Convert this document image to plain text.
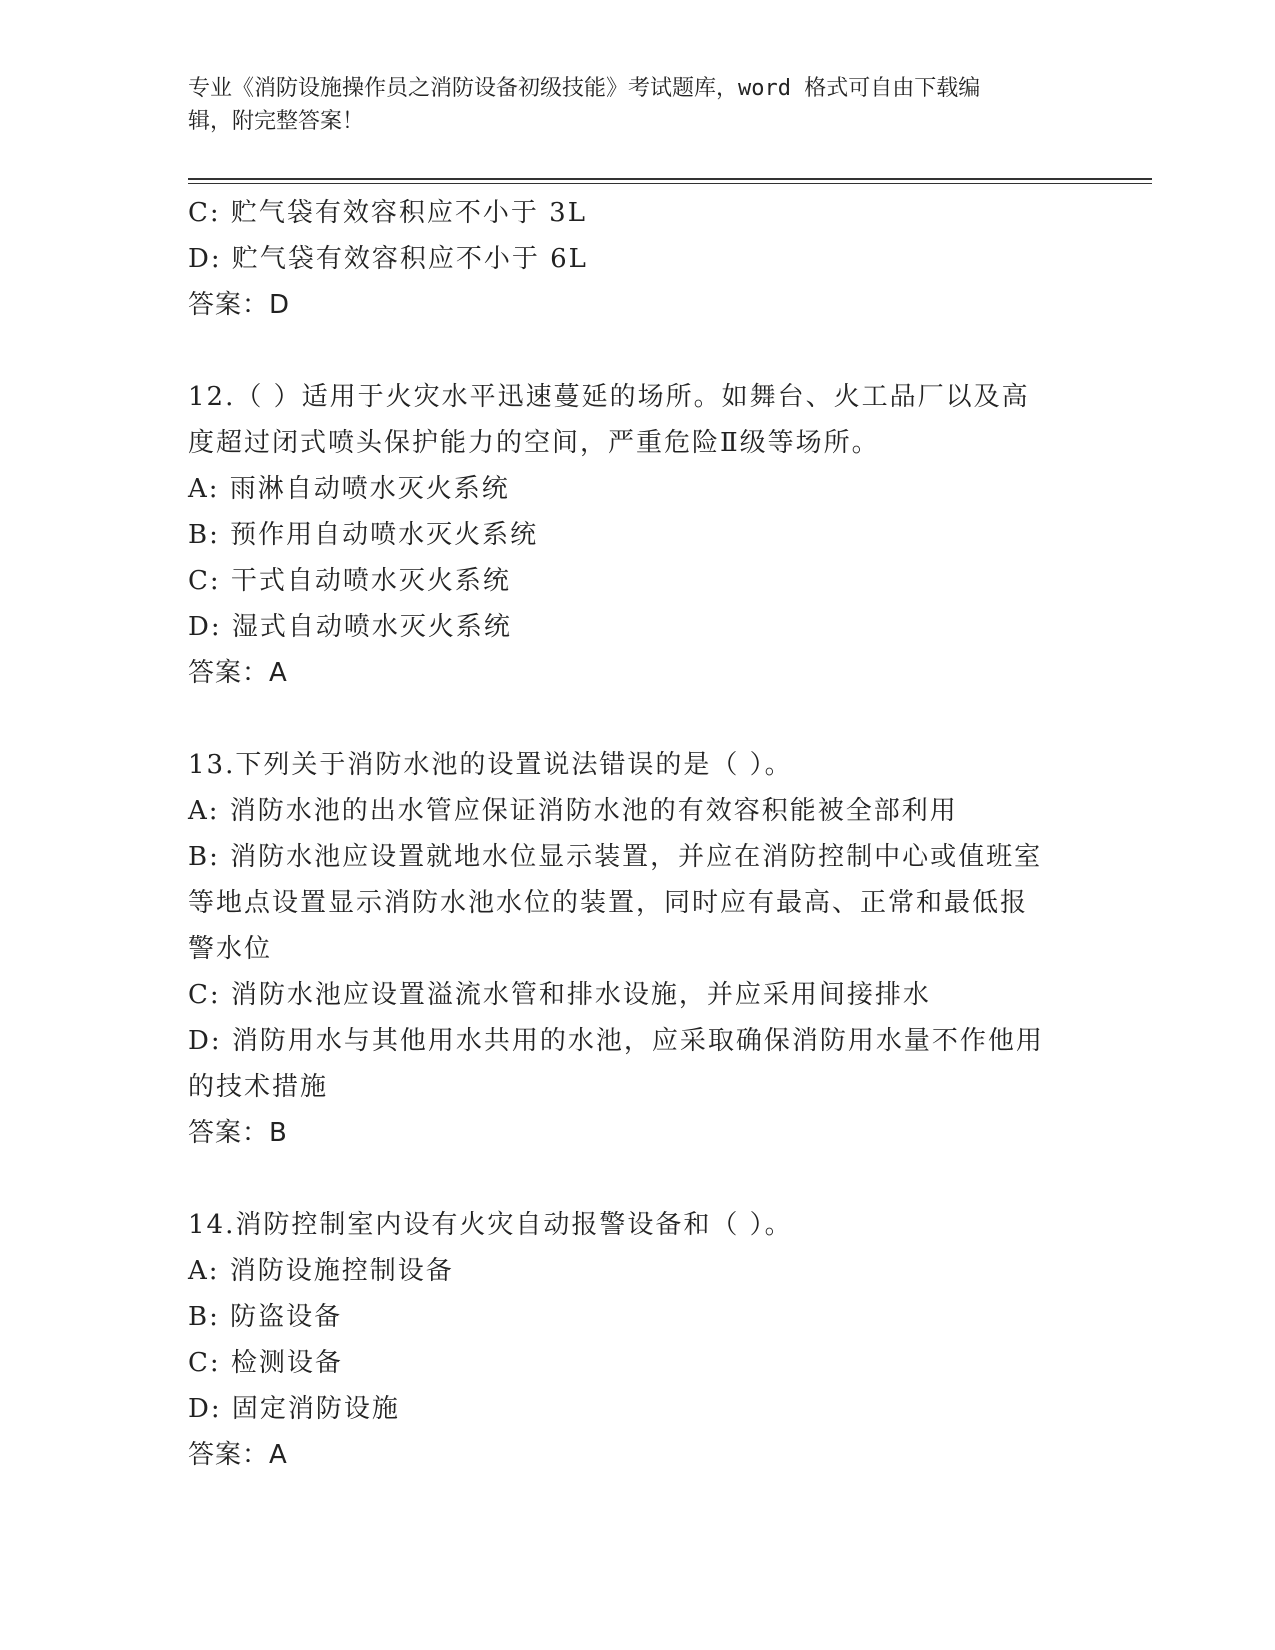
专业《消防设施操作员之消防设备初级技能》考试题库，word 格式可自由下载编
辑，附完整答案！
C: 贮气袋有效容积应不小于 3L
D: 贮气袋有效容积应不小于 6L
答案：D
12.（ ）适用于火灾水平迅速蔓延的场所。如舞台、火工品厂以及高
度超过闭式喷头保护能力的空间，严重危险Ⅱ级等场所。
A: 雨淋自动喷水灭火系统
B: 预作用自动喷水灭火系统
C: 干式自动喷水灭火系统
D: 湿式自动喷水灭火系统
答案：A
13.下列关于消防水池的设置说法错误的是（ ）。
A: 消防水池的出水管应保证消防水池的有效容积能被全部利用
B: 消防水池应设置就地水位显示装置，并应在消防控制中心或值班室
等地点设置显示消防水池水位的装置，同时应有最高、正常和最低报
警水位
C: 消防水池应设置溢流水管和排水设施，并应采用间接排水
D: 消防用水与其他用水共用的水池，应采取确保消防用水量不作他用
的技术措施
答案：B
14.消防控制室内设有火灾自动报警设备和（ ）。
A: 消防设施控制设备
B: 防盗设备
C: 检测设备
D: 固定消防设施
答案：A
